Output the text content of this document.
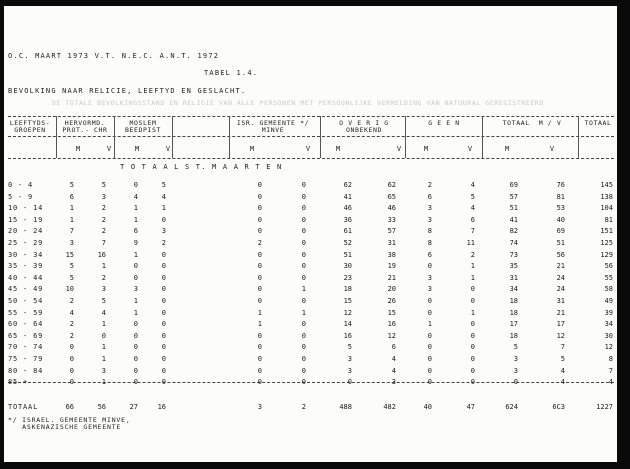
O.C. MAART 1973 V.T. N.E.C. A.N.T. 1972
TABEL 1.4.
BEVOLKING NAAR RELICIE, LEEFTYD EN GESLACHT.
DE TOTALE BEVOLKINGSSTAND EN RELIGIE VAN ALLE PERSONEN MET PERSOONLIJKE VERMELDING VAN NATUURAL GEREGISTREERD
*/ ISRAEL. GEMEENTE MINVE,
ASKENAZISCHE GEMEENTE
LEEFTYDS-
GROEPEN
HERVORMD.
PROT.- CHR
MOSLEM
BEEDPIST
ISR. GEMEENTE */
MINVE
O V E R I G
ONBEKEND
G E E N	TOTAAL  M / V	TOTAAL
M	V	M	V	M	V	M	V	M	V	M	V
T O T A A L S T. M A A R T E N
0 - 4	5	5	0	5	0	0	62	62	2	4	69	76	145
5 - 9	6	3	4	4	0	0	41	65	6	5	57	81	138
10 - 14	1	2	1	1	0	0	46	46	3	4	51	53	104
15 - 19	1	2	1	0	0	0	36	33	3	6	41	40	81
20 - 24	7	2	6	3	0	0	61	57	8	7	82	69	151
25 - 29	3	7	9	2	2	0	52	31	8	11	74	51	125
30 - 34	15	16	1	0	0	0	51	38	6	2	73	56	129
35 - 39	5	1	0	0	0	0	30	19	0	1	35	21	56
40 - 44	5	2	0	0	0	0	23	21	3	1	31	24	55
45 - 49	10	3	3	0	0	1	18	20	3	0	34	24	58
50 - 54	2	5	1	0	0	0	15	26	0	0	18	31	49
55 - 59	4	4	1	0	1	1	12	15	0	1	18	21	39
60 - 64	2	1	0	0	1	0	14	16	1	0	17	17	34
65 - 69	2	0	0	0	0	0	16	12	0	0	18	12	30
70 - 74	0	1	0	0	0	0	5	6	0	0	5	7	12
75 - 79	0	1	0	0	0	0	3	4	0	0	3	5	8
80 - 84	0	3	0	0	0	0	3	4	0	0	3	4	7
85 +	0	1	0	0	0	0	0	3	0	0	0	4	4
TOTAAL	66	56	27	16	3	2	488	482	40	47	624	6C3	1227
